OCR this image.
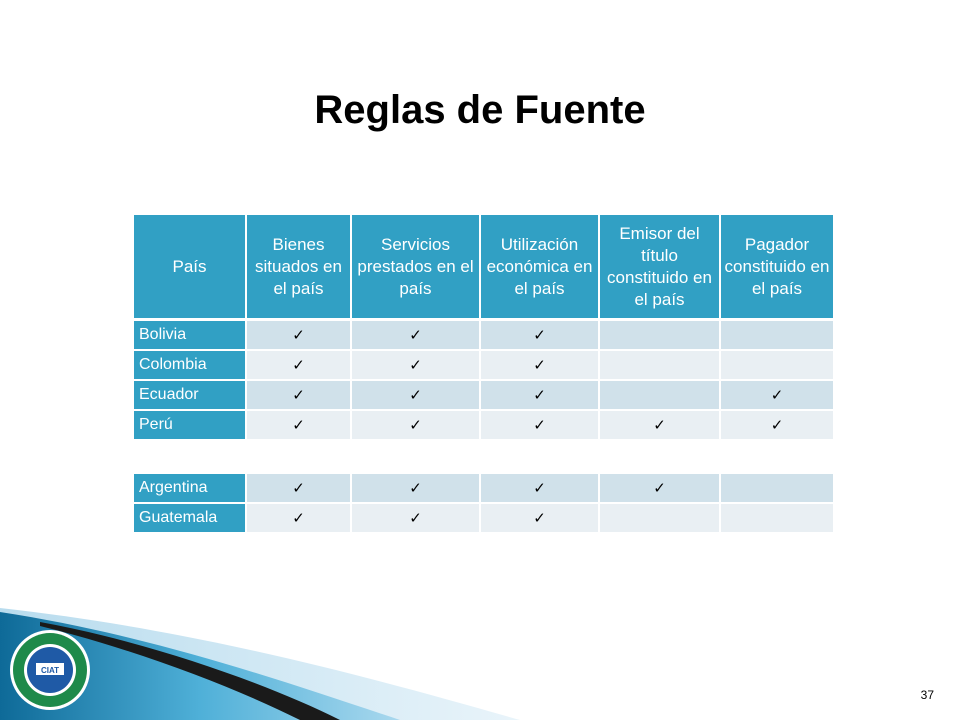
Reglas de Fuente
País	Bienes situados en el país	Servicios prestados en el país	Utilización económica en el país	Emisor del título constituido en el país	Pagador constituido en el país
Bolivia	✓	✓	✓		
Colombia	✓	✓	✓		
Ecuador	✓	✓	✓		✓
Perú	✓	✓	✓	✓	✓
Argentina	✓	✓	✓	✓	
Guatemala	✓	✓	✓		
CIAT
37
